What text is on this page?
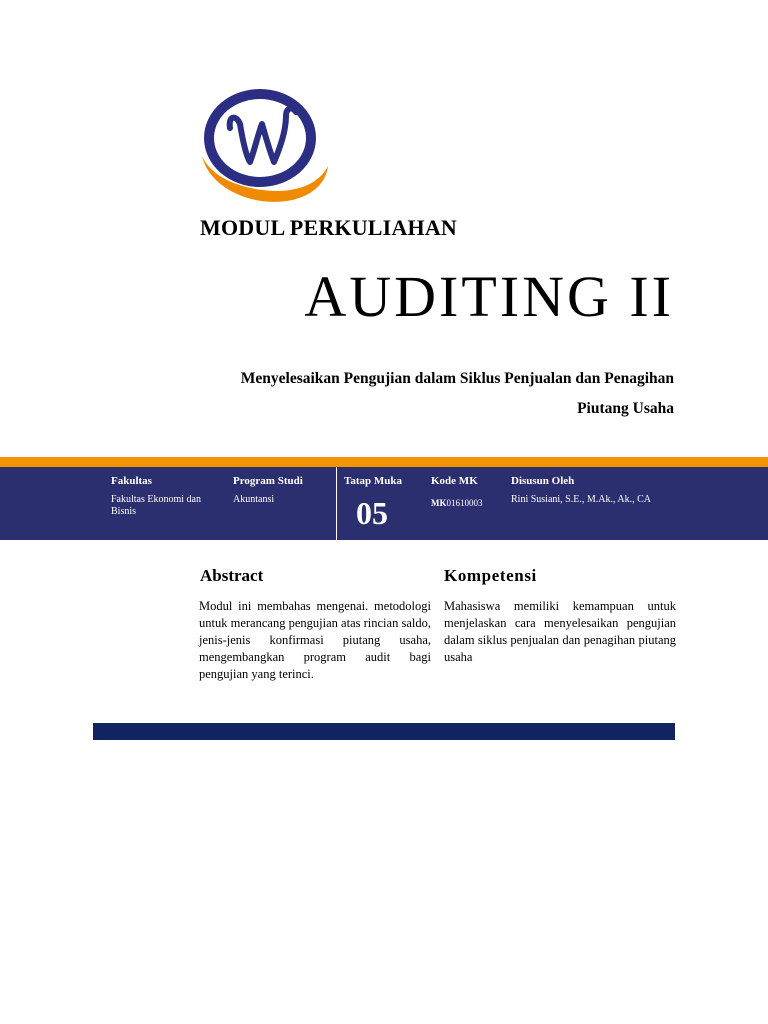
MODUL PERKULIAHAN
AUDITING II
Menyelesaikan Pengujian dalam Siklus Penjualan dan Penagihan Piutang Usaha
Fakultas
Fakultas Ekonomi dan Bisnis
Program Studi
Akuntansi
Tatap Muka
05
Kode MK
MK01610003
Disusun Oleh
Rini Susiani, S.E., M.Ak., Ak., CA
Abstract
Modul ini membahas mengenai. metodologi untuk merancang pengujian atas rincian saldo, jenis-jenis konfirmasi piutang usaha, mengembangkan program audit bagi pengujian yang terinci.
Kompetensi
Mahasiswa memiliki kemampuan untuk menjelaskan cara menyelesaikan pengujian dalam siklus penjualan dan penagihan piutang usaha
